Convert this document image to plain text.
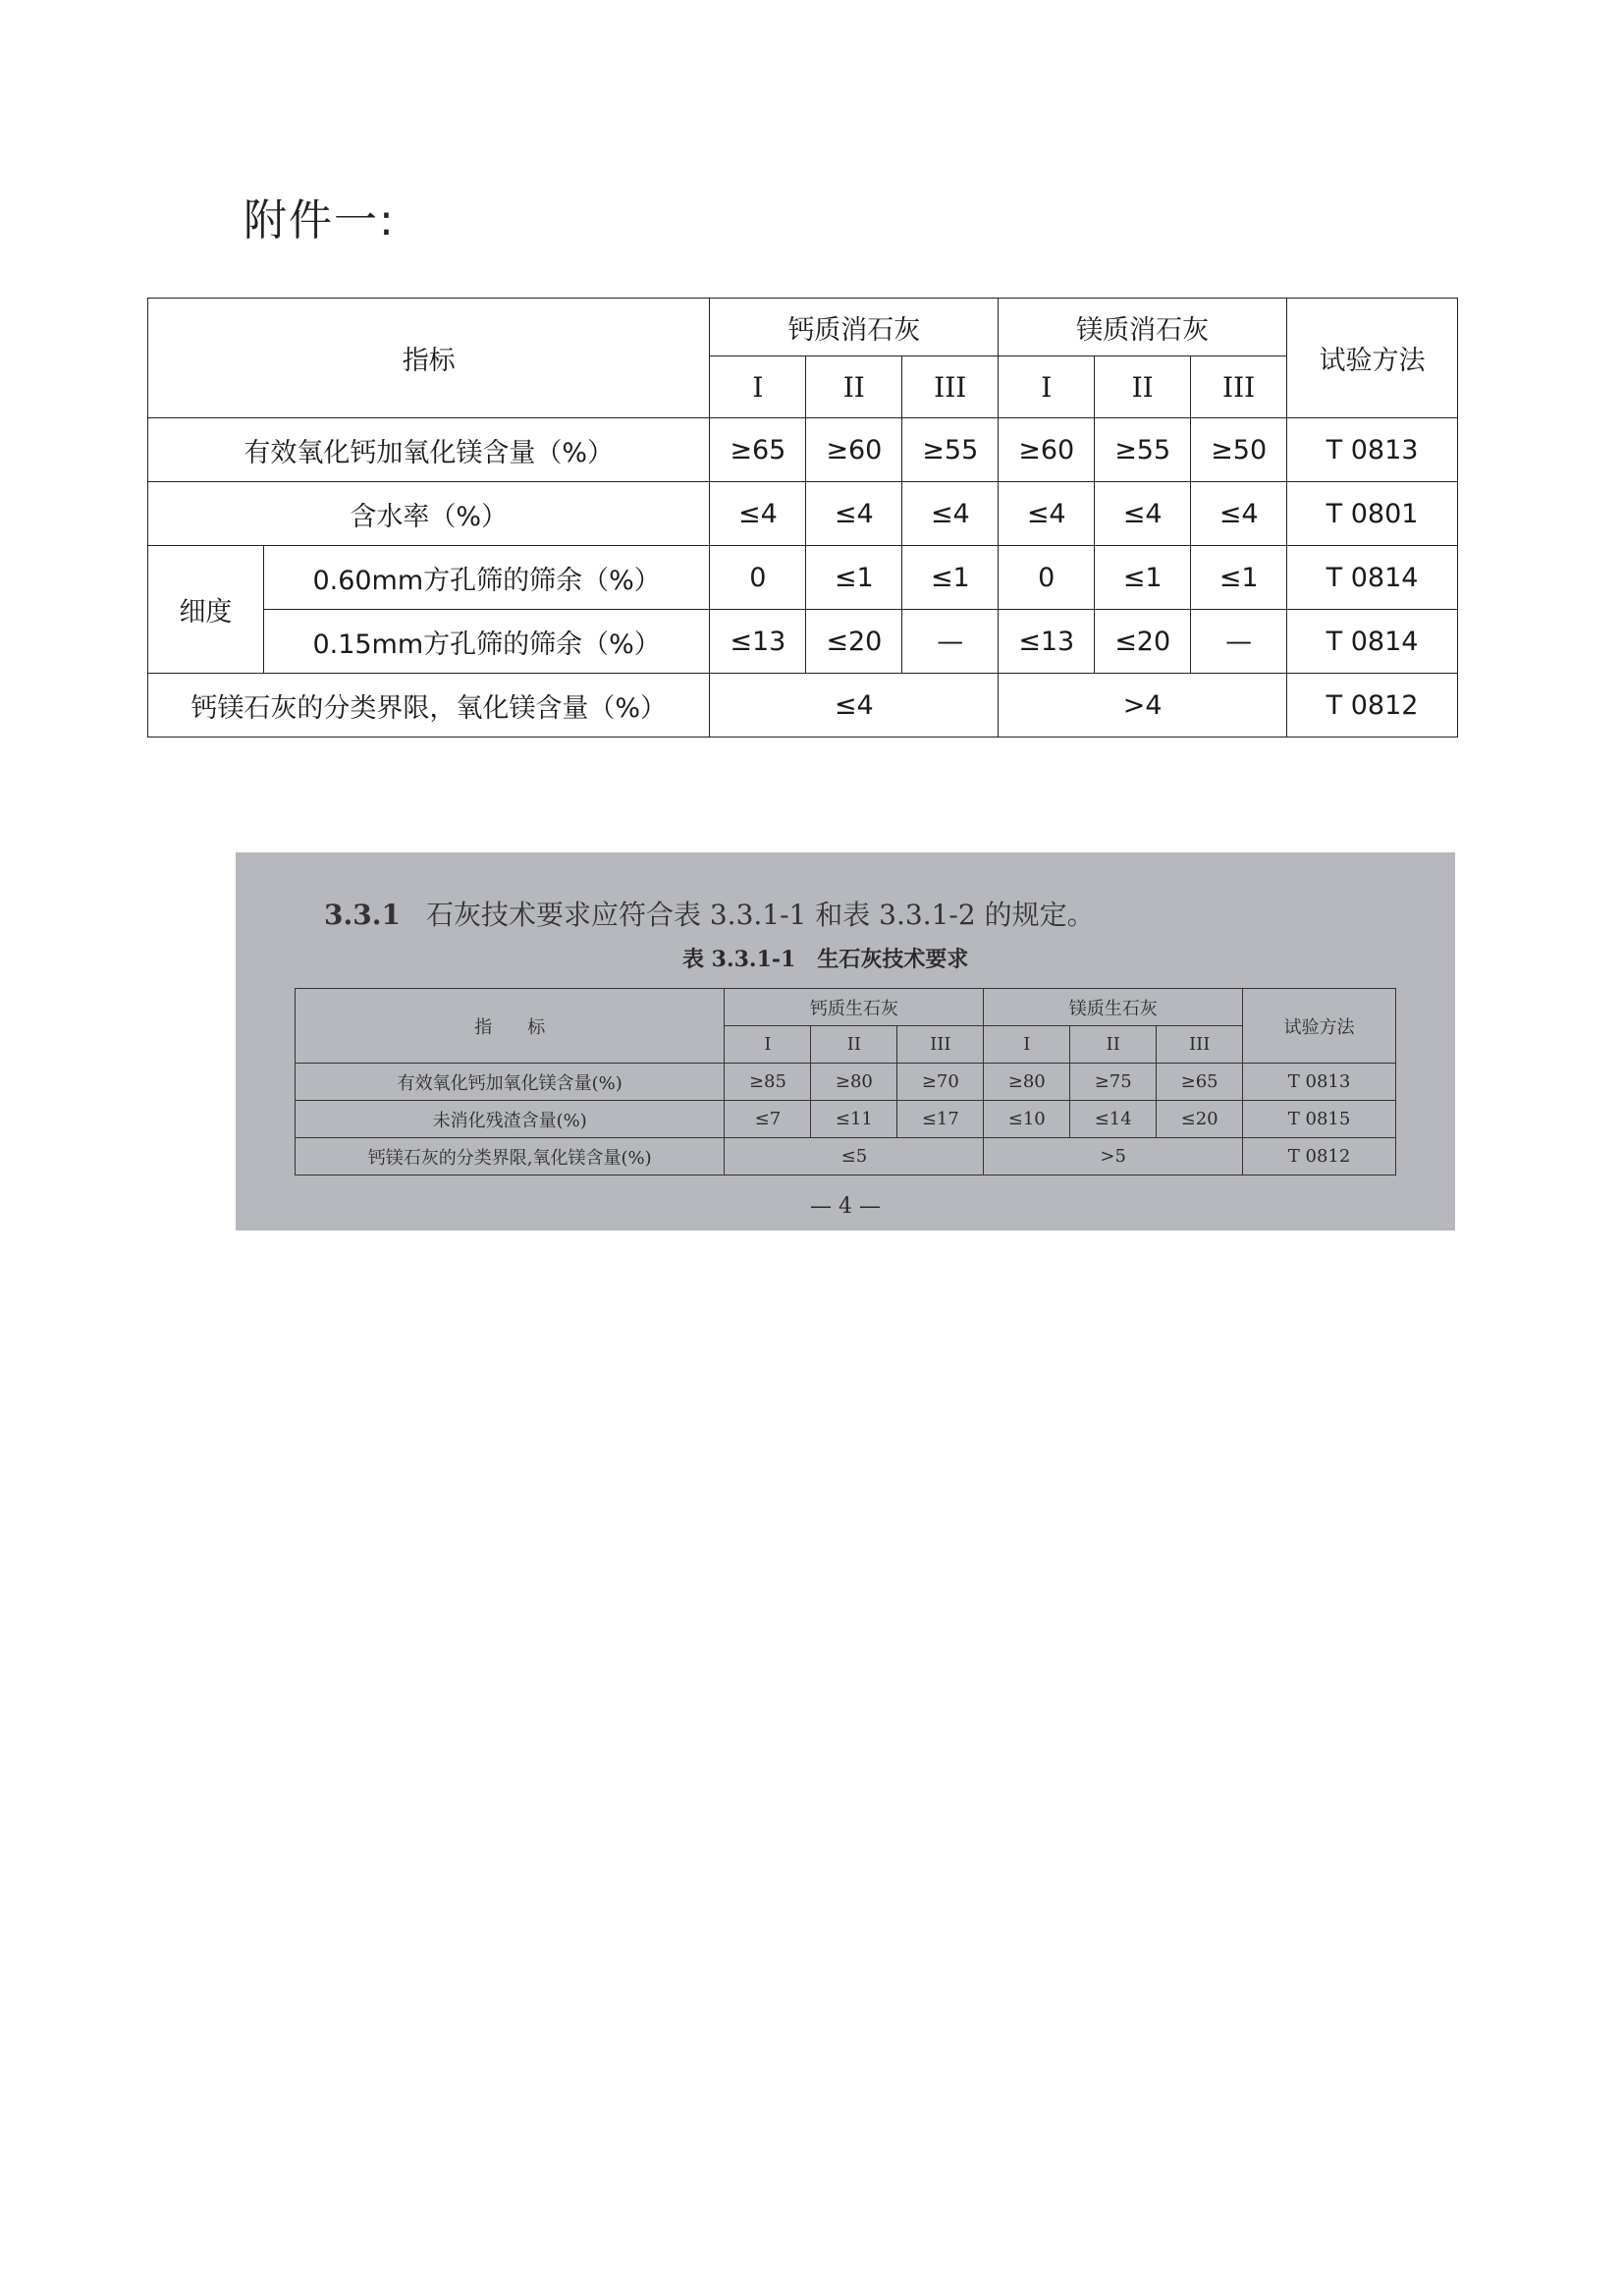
附件一:
指标		钙质消石灰			镁质消石灰			试验方法
		I	II	III	I	II	III	
有效氧化钙加氧化镁含量（%）		≥65	≥60	≥55	≥60	≥55	≥50	T 0813
含水率（%）		≤4	≤4	≤4	≤4	≤4	≤4	T 0801
细度	0.60mm方孔筛的筛余（%）	0	≤1	≤1	0	≤1	≤1	T 0814
	0.15mm方孔筛的筛余（%）	≤13	≤20	—	≤13	≤20	—	T 0814
钙镁石灰的分类界限，氧化镁含量（%）		≤4			>4			T 0812
3.3.1 石灰技术要求应符合表 3.3.1-1 和表 3.3.1-2 的规定。
表 3.3.1-1　生石灰技术要求
指　　标	钙质生石灰			镁质生石灰			试验方法
	I	II	III	I	II	III	
有效氧化钙加氧化镁含量(%)	≥85	≥80	≥70	≥80	≥75	≥65	T 0813
未消化残渣含量(%)	≤7	≤11	≤17	≤10	≤14	≤20	T 0815
钙镁石灰的分类界限,氧化镁含量(%)	≤5			>5			T 0812
— 4 —
